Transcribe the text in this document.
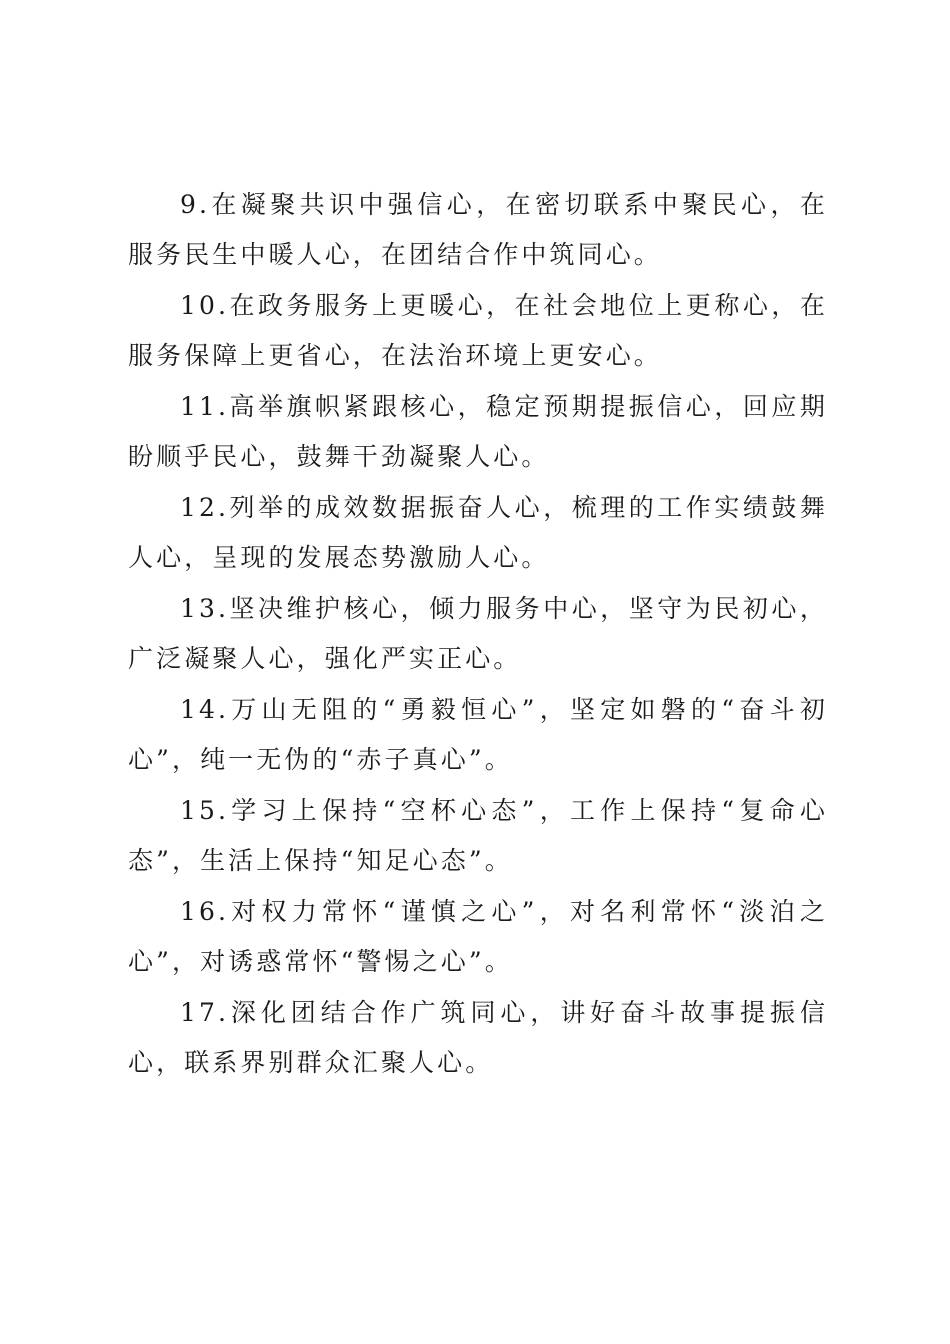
9.在凝聚共识中强信心，在密切联系中聚民心，在服务民生中暖人心，在团结合作中筑同心。

10.在政务服务上更暖心，在社会地位上更称心，在服务保障上更省心，在法治环境上更安心。

11.高举旗帜紧跟核心，稳定预期提振信心，回应期盼顺乎民心，鼓舞干劲凝聚人心。

12.列举的成效数据振奋人心，梳理的工作实绩鼓舞人心，呈现的发展态势激励人心。

13.坚决维护核心，倾力服务中心，坚守为民初心，广泛凝聚人心，强化严实正心。

14.万山无阻的“勇毅恒心”，坚定如磐的“奋斗初心”，纯一无伪的“赤子真心”。

15.学习上保持“空杯心态”，工作上保持“复命心态”，生活上保持“知足心态”。

16.对权力常怀“谨慎之心”，对名利常怀“淡泊之心”，对诱惑常怀“警惕之心”。

17.深化团结合作广筑同心，讲好奋斗故事提振信心，联系界别群众汇聚人心。
